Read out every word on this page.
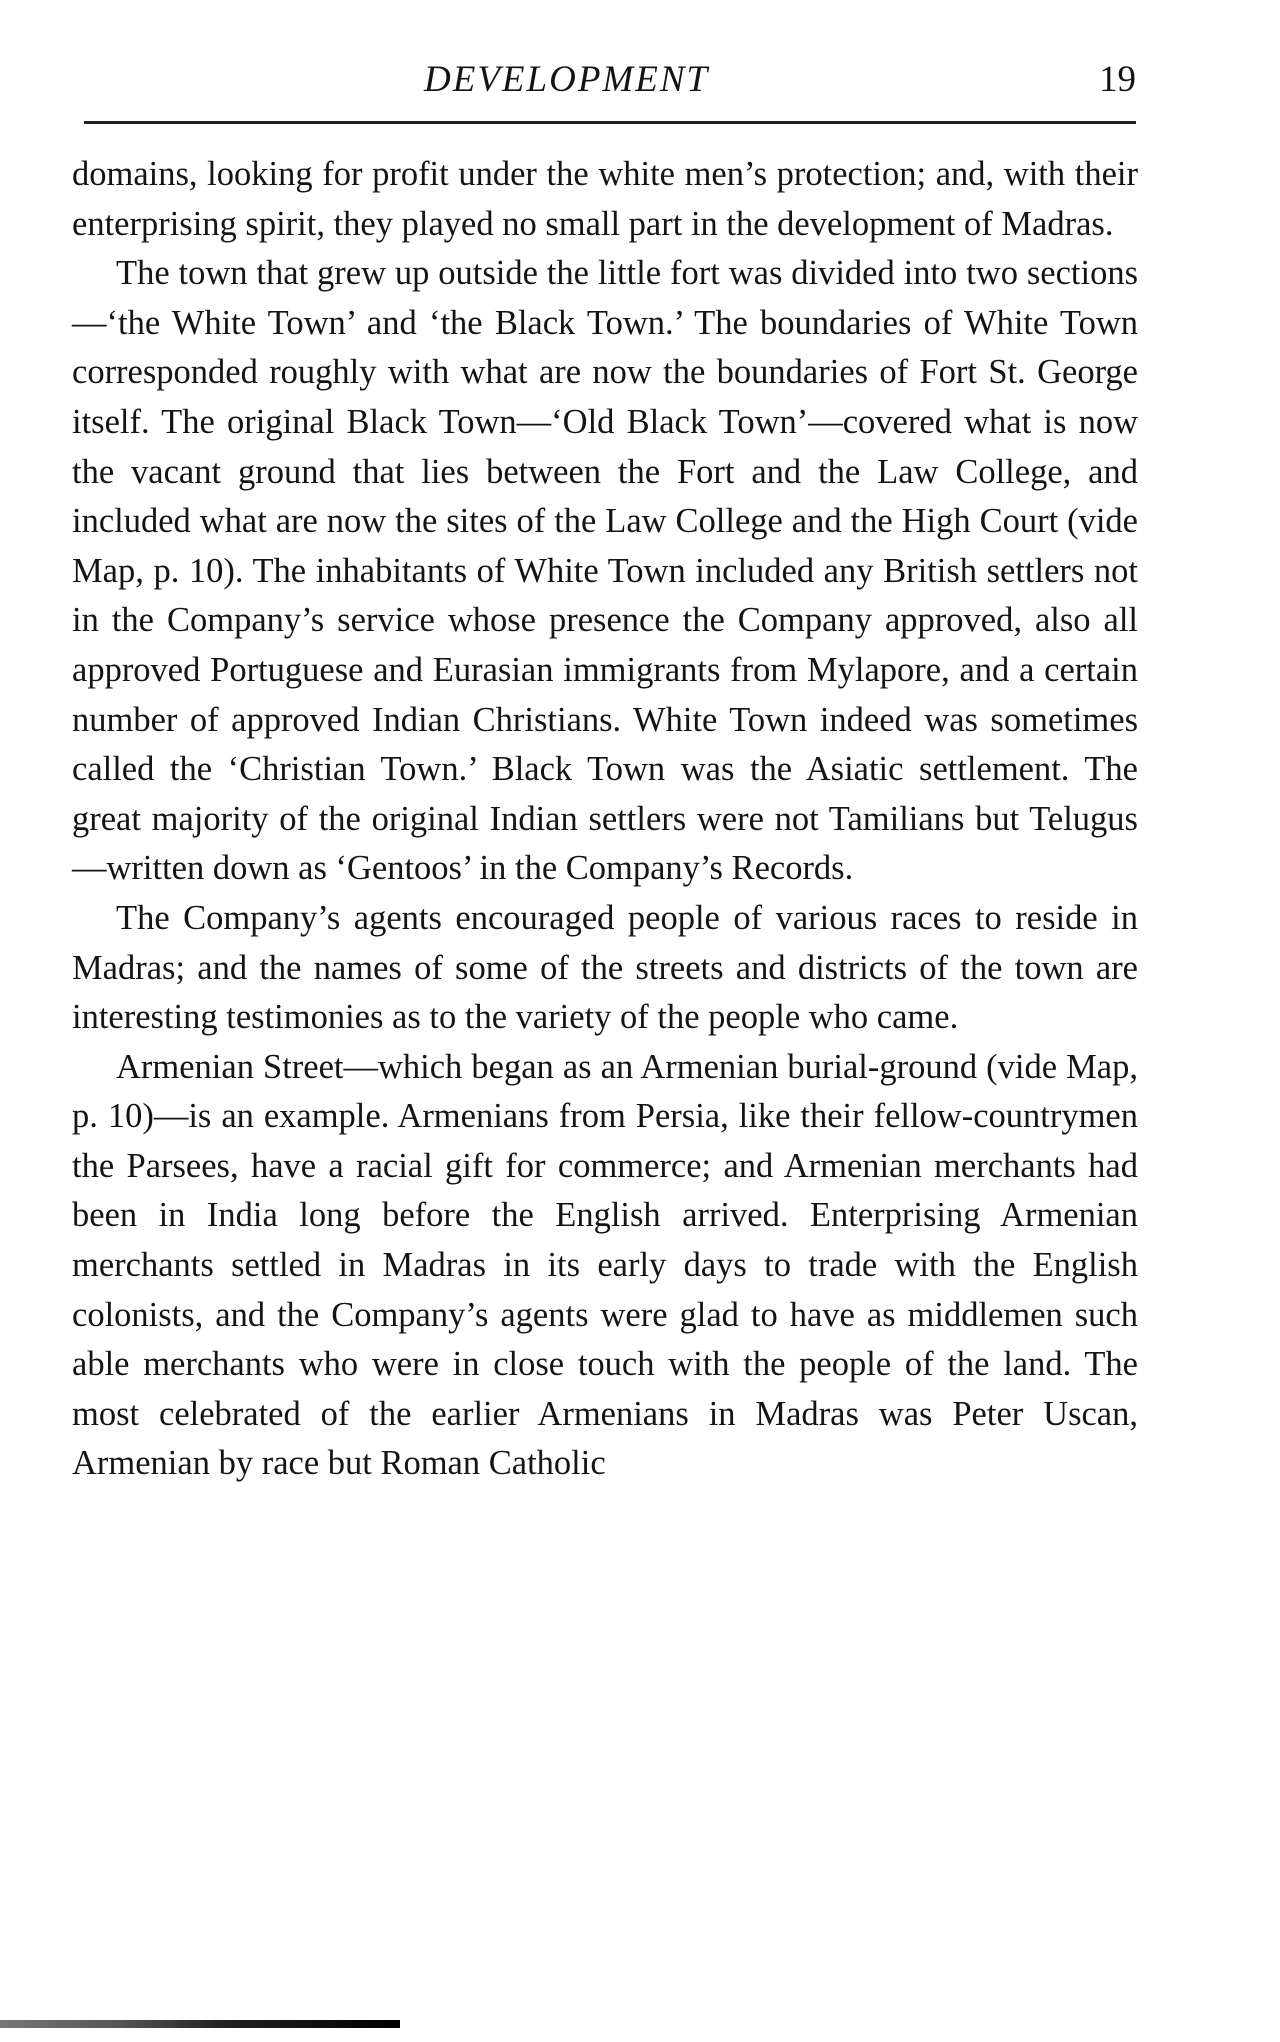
DEVELOPMENT	19

domains, looking for profit under the white men’s protection; and, with their enterprising spirit, they played no small part in the development of Madras.

The town that grew up outside the little fort was divided into two sections—‘the White Town’ and ‘the Black Town.’ The boundaries of White Town corresponded roughly with what are now the boundaries of Fort St. George itself. The original Black Town—‘Old Black Town’—covered what is now the vacant ground that lies between the Fort and the Law College, and included what are now the sites of the Law College and the High Court (vide Map, p. 10). The inhabitants of White Town included any British settlers not in the Company’s service whose presence the Company approved, also all approved Portuguese and Eurasian immigrants from Mylapore, and a certain number of approved Indian Christians. White Town indeed was sometimes called the ‘Christian Town.’ Black Town was the Asiatic settlement. The great majority of the original Indian settlers were not Tamilians but Telugus —written down as ‘Gentoos’ in the Company’s Records.

The Company’s agents encouraged people of various races to reside in Madras; and the names of some of the streets and districts of the town are interesting testimonies as to the variety of the people who came.

Armenian Street—which began as an Armenian burial-ground (vide Map, p. 10)—is an example. Armenians from Persia, like their fellow-countrymen the Parsees, have a racial gift for commerce; and Armenian merchants had been in India long before the English arrived. Enterprising Armenian merchants settled in Madras in its early days to trade with the English colonists, and the Company’s agents were glad to have as middlemen such able merchants who were in close touch with the people of the land. The most celebrated of the earlier Armenians in Madras was Peter Uscan, Armenian by race but Roman Catholic
